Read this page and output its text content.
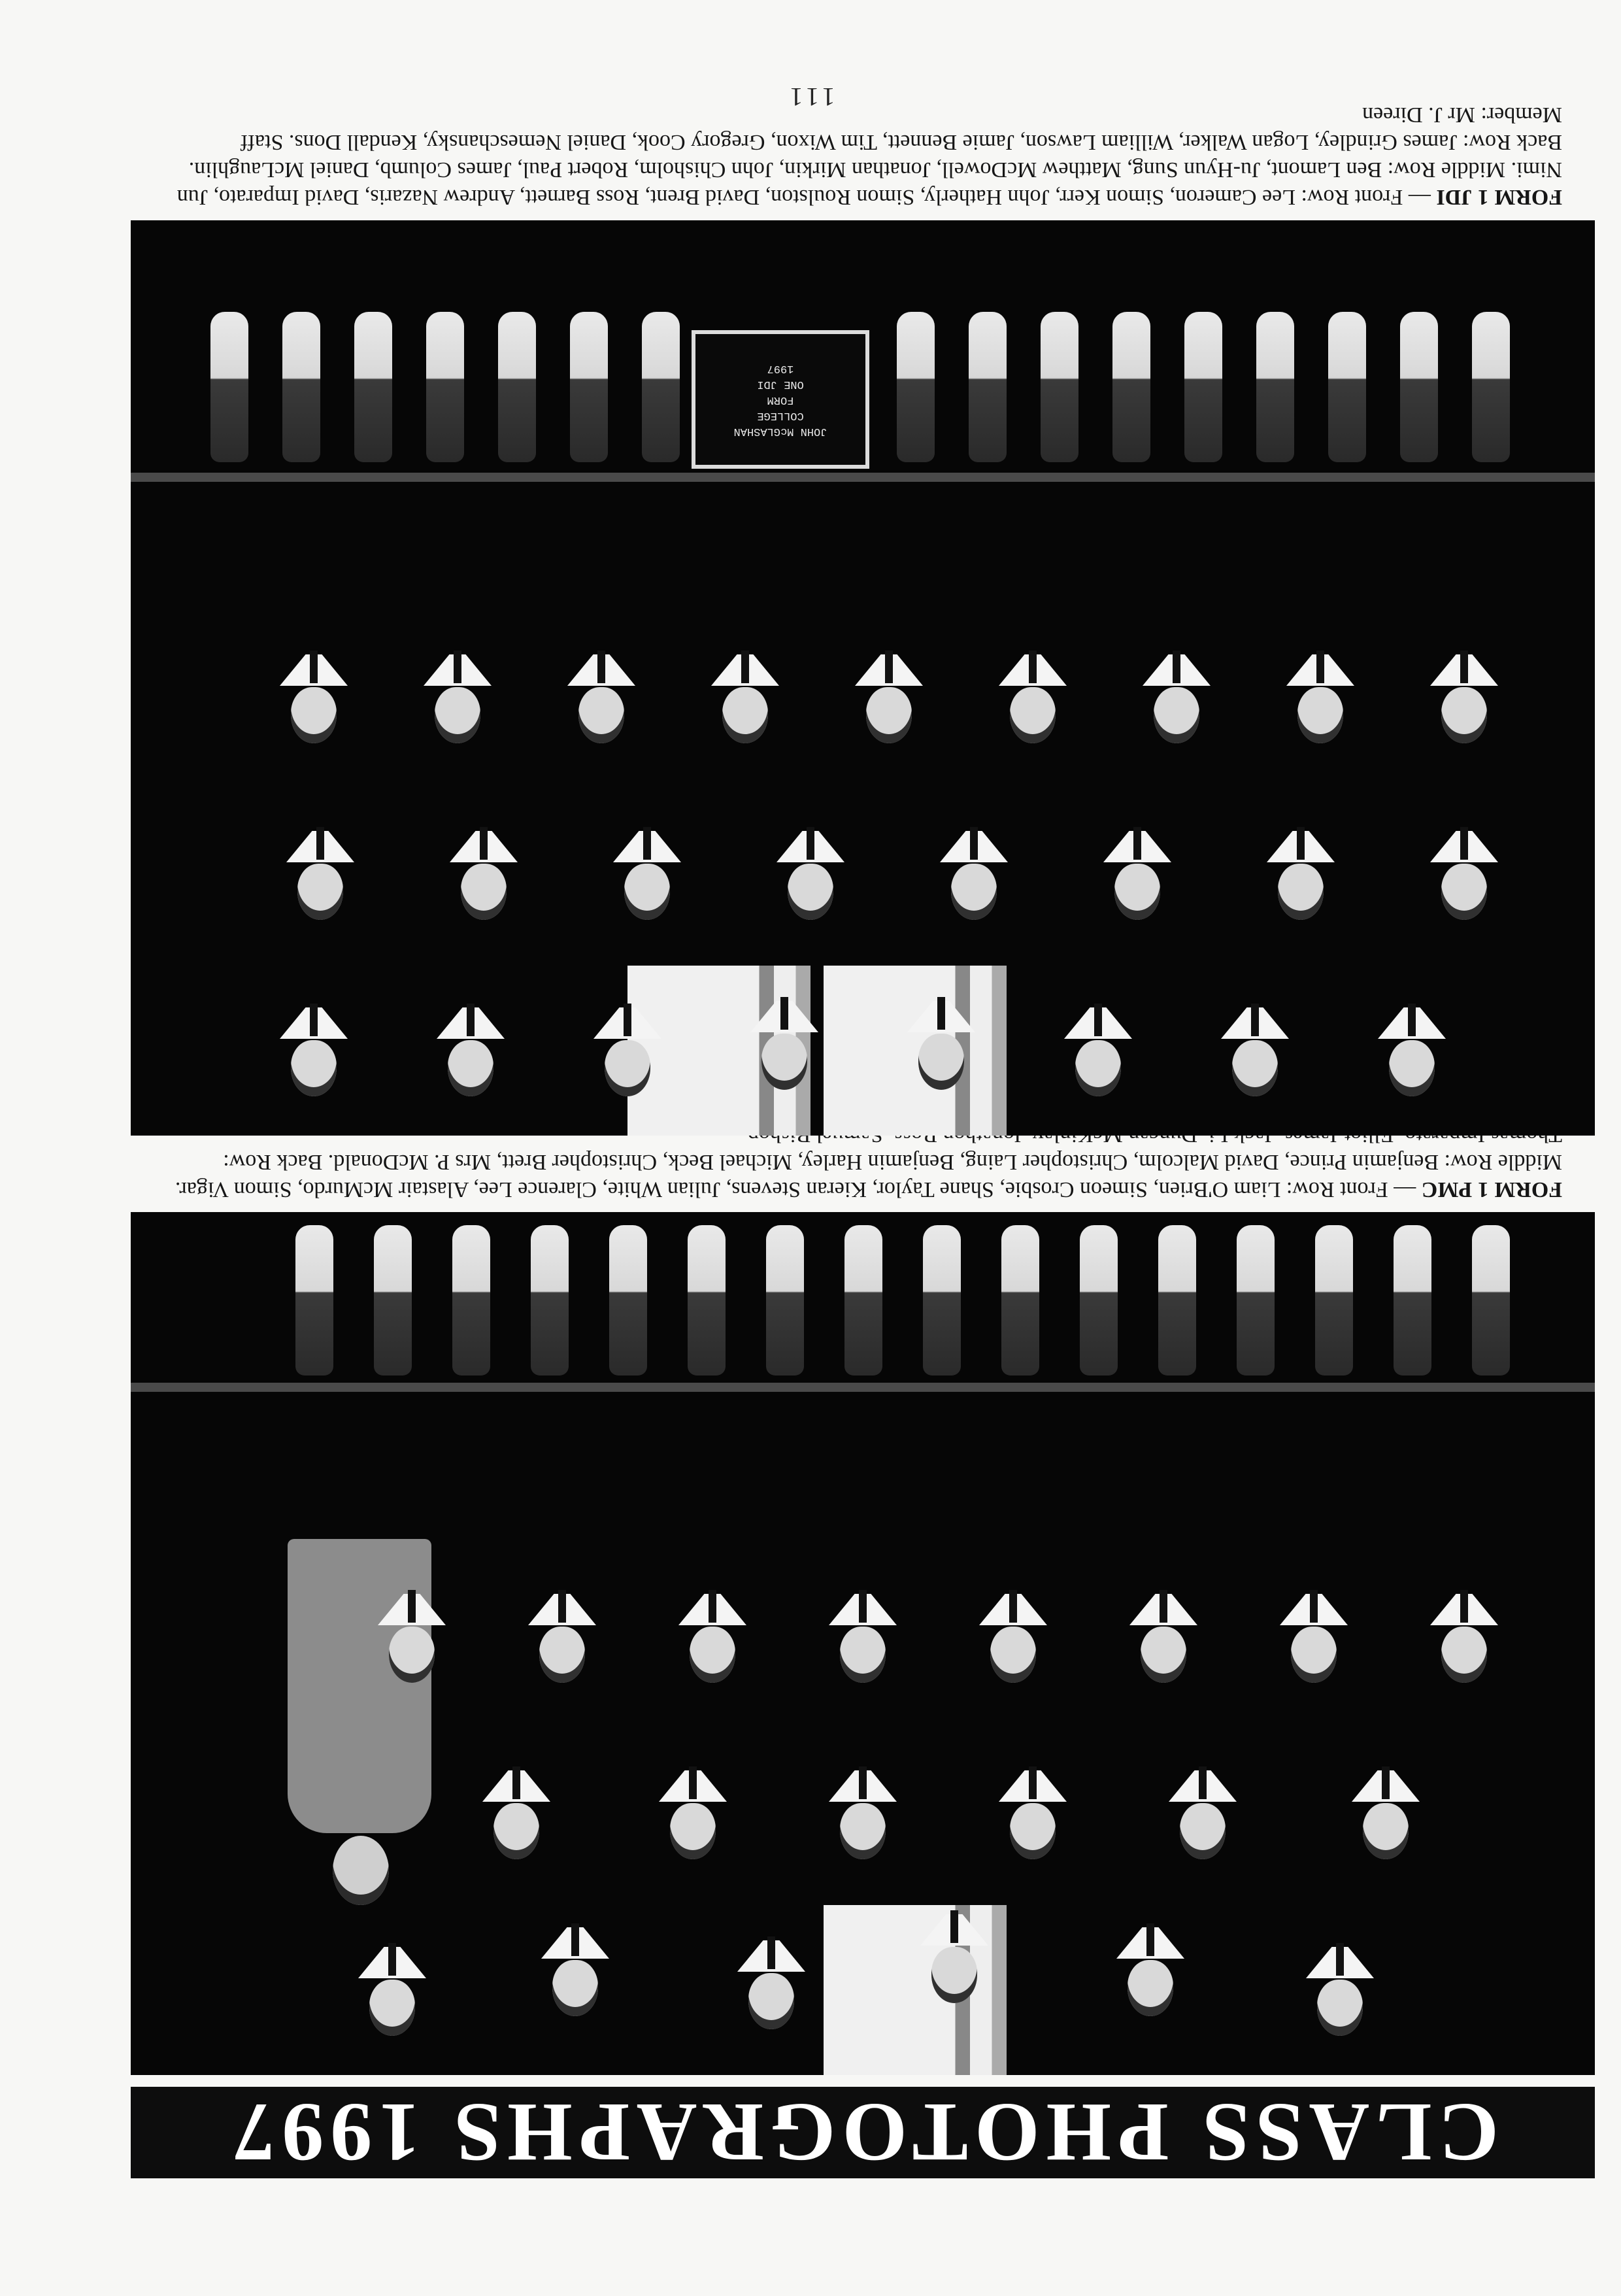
CLASS PHOTOGRAPHS 1997
FORM 1 PMC — Front Row: Liam O'Brien, Simeon Crosbie, Shane Taylor, Kieran Stevens, Julian White, Clarence Lee, Alastair McMurdo, Simon Vigar. Middle Row: Benjamin Prince, David Malcolm, Christopher Laing, Benjamin Harley, Michael Beck, Christopher Brett, Mrs P. McDonald. Back Row:
JOHN McGLASHAN
COLLEGE
FORM
ONE JDI
1997
FORM 1 JDI — Front Row: Lee Cameron, Simon Kerr, John Hatherly, Simon Roulston, David Brent, Ross Barnett, Andrew Nazaris, David Imparato, Jun Nimi. Middle Row: Ben Lamont, Ju-Hyun Sung, Matthew McDowell, Jonathan Mirkin, John Chisholm, Robert Paul, James Columb, Daniel McLaughlin. Back Row: James Grindley, Logan Walker, William Lawson, Jamie Bennett, Tim Wixon, Gregory Cook, Daniel Nemeschansky, Kendall Dons. Staff Member: Mr J. Direen
111
